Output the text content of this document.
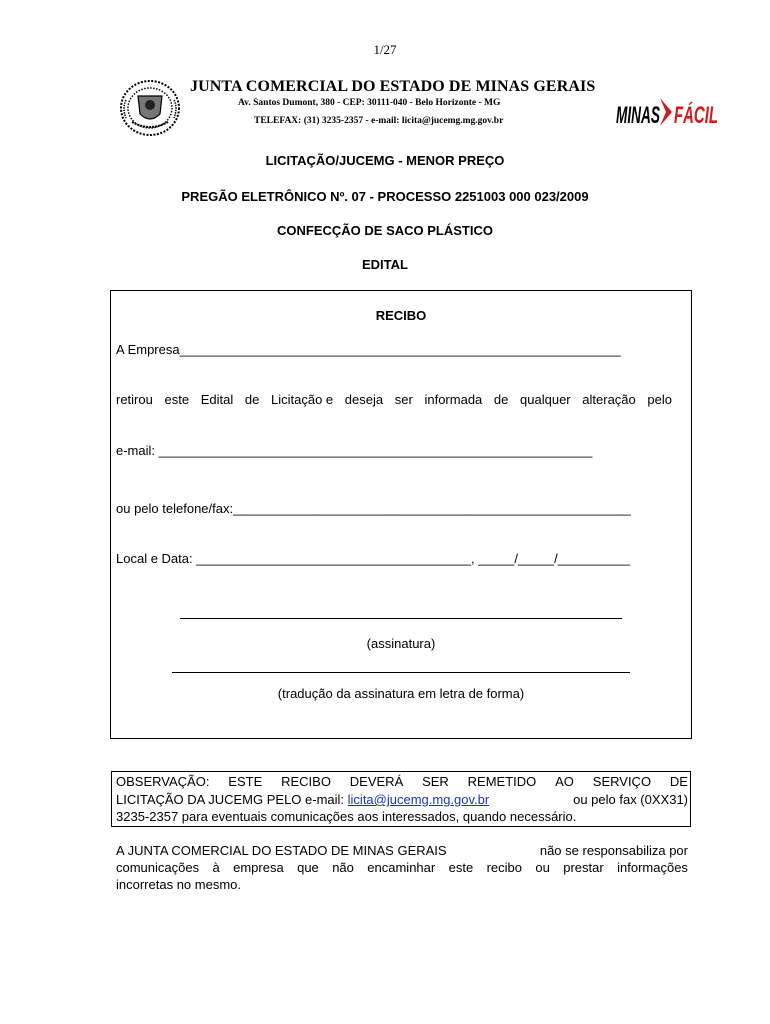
1/27
JUNTA COMERCIAL DO ESTADO DE MINAS GERAIS
Av. Santos Dumont, 380 - CEP: 30111-040 - Belo Horizonte - MG
TELEFAX: (31) 3235-2357 - e-mail: licita@jucemg.mg.gov.br	MINAS FÁCIL
LICITAÇÃO/JUCEMG - MENOR PREÇO
PREGÃO ELETRÔNICO Nº. 07 - PROCESSO 2251003 000 023/2009
CONFECÇÃO DE SACO PLÁSTICO
EDITAL
RECIBO
A Empresa_____________________________________________________________
retirou este Edital de Licitação e deseja ser informada de qualquer alteração pelo
e-mail: ____________________________________________________________
ou pelo telefone/fax:_______________________________________________________
Local e Data: ______________________________________, _____/_____/__________
(assinatura)
(tradução da assinatura em letra de forma)
OBSERVAÇÃO: ESTE RECIBO DEVERÁ SER REMETIDO AO SERVIÇO DE
LICITAÇÃO DA JUCEMG PELO e-mail: licita@jucemg.mg.gov.br	ou pelo fax (0XX31)
3235-2357 para eventuais comunicações aos interessados, quando necessário.
A JUNTA COMERCIAL DO ESTADO DE MINAS GERAIS	não se responsabiliza por
comunicações à empresa que não encaminhar este recibo ou prestar informações
incorretas no mesmo.
